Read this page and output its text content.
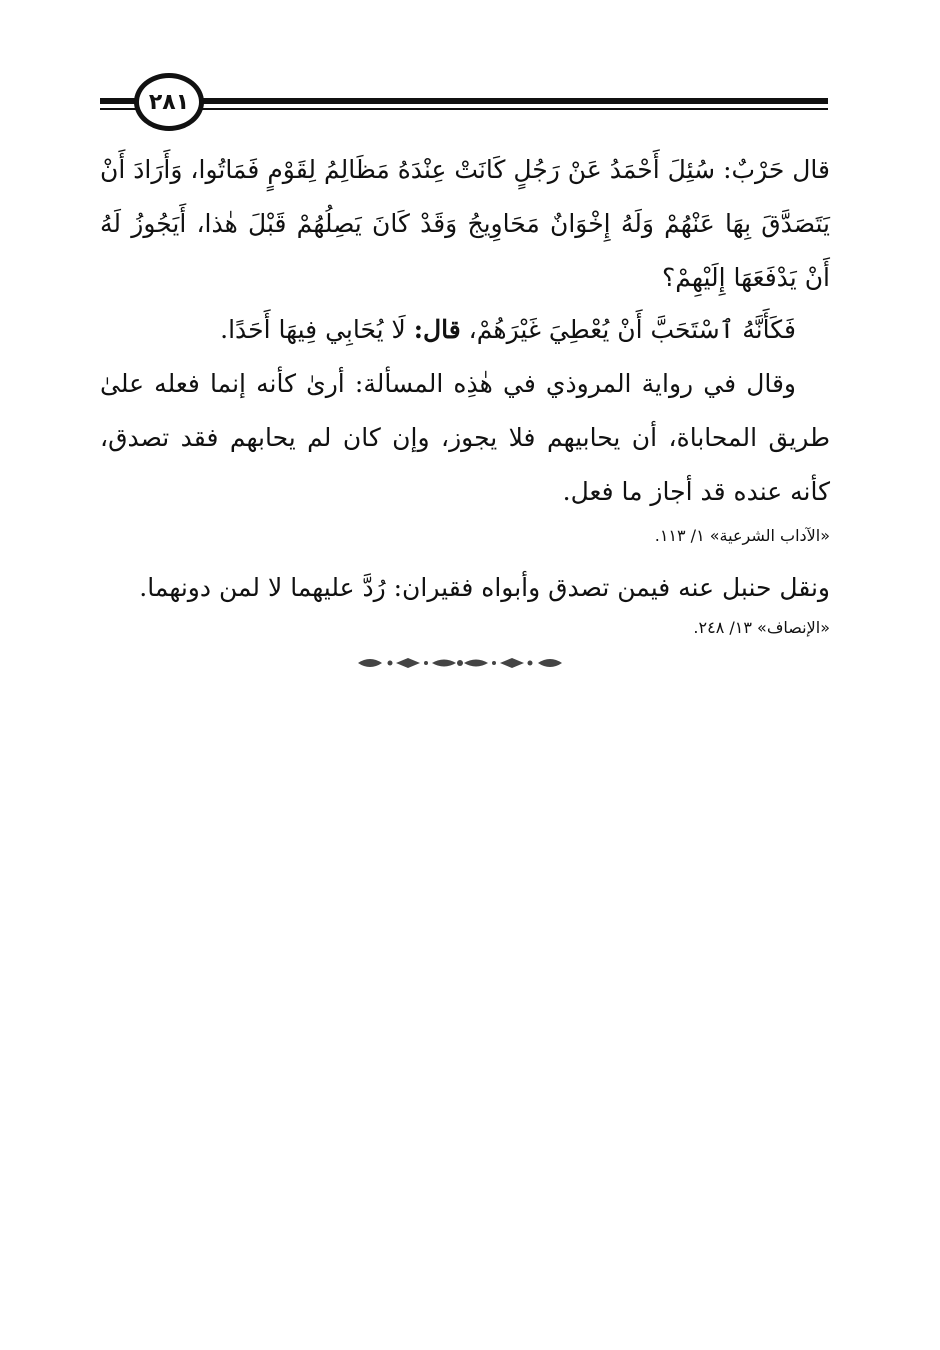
٢٨١

قال حَرْبٌ: سُئِلَ أَحْمَدُ عَنْ رَجُلٍ كَانَتْ عِنْدَهُ مَظَالِمُ لِقَوْمٍ فَمَاتُوا، وَأَرَادَ أَنْ يَتَصَدَّقَ بِهَا عَنْهُمْ وَلَهُ إِخْوَانٌ مَحَاوِيجُ وَقَدْ كَانَ يَصِلُهُمْ قَبْلَ هٰذا، أَيَجُوزُ لَهُ أَنْ يَدْفَعَهَا إِلَيْهِمْ؟

فَكَأَنَّهُ ٱسْتَحَبَّ أَنْ يُعْطِيَ غَيْرَهُمْ، قال: لَا يُحَابِي فِيهَا أَحَدًا.

وقال في رواية المروذي في هٰذِه المسألة: أرىٰ كأنه إنما فعله علىٰ طريق المحاباة، أن يحابيهم فلا يجوز، وإن كان لم يحابهم فقد تصدق، كأنه عنده قد أجاز ما فعل.

«الآداب الشرعية» ١/ ١١٣.

ونقل حنبل عنه فيمن تصدق وأبواه فقيران: رُدَّ عليهما لا لمن دونهما.

«الإنصاف» ١٣/ ٢٤٨.
